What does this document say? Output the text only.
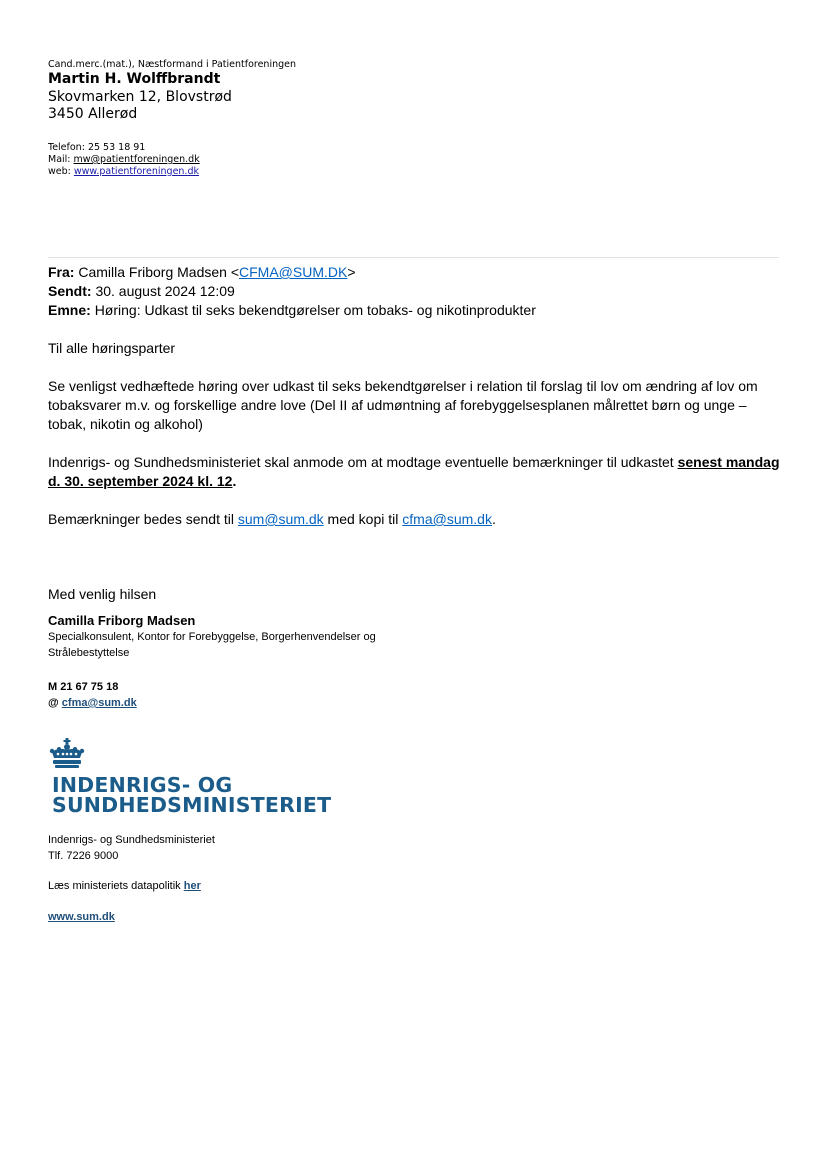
Cand.merc.(mat.), Næstformand i Patientforeningen
Martin H. Wolffbrandt
Skovmarken 12, Blovstrød
3450 Allerød
Telefon: 25 53 18 91
Mail: mw@patientforeningen.dk
web: www.patientforeningen.dk

Fra: Camilla Friborg Madsen <CFMA@SUM.DK>

Sendt: 30. august 2024 12:09

Emne: Høring: Udkast til seks bekendtgørelser om tobaks- og nikotinprodukter

Til alle høringsparter

Se venligst vedhæftede høring over udkast til seks bekendtgørelser i relation til forslag til lov om ændring af lov om tobaksvarer m.v. og forskellige andre love (Del II af udmøntning af forebyggelsesplanen målrettet børn og unge – tobak, nikotin og alkohol)

Indenrigs- og Sundhedsministeriet skal anmode om at modtage eventuelle bemærkninger til udkastet senest mandag d. 30. september 2024 kl. 12.

Bemærkninger bedes sendt til sum@sum.dk med kopi til cfma@sum.dk.

Med venlig hilsen

Camilla Friborg Madsen

Specialkonsulent, Kontor for Forebyggelse, Borgerhenvendelser og Strålebestyttelse

M 21 67 75 18

@ cfma@sum.dk

INDENRIGS- OG
SUNDHEDSMINISTERIET
Indenrigs- og Sundhedsministeriet
Tlf. 7226 9000
Læs ministeriets datapolitik her
www.sum.dk
